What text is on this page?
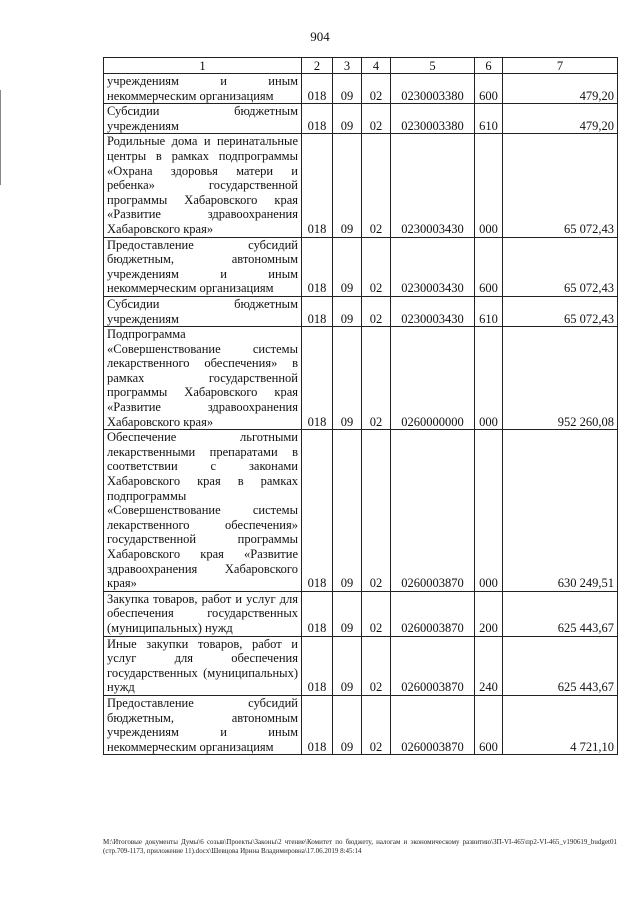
904
1	2	3	4	5	6	7
учреждениям и иным некоммерческим организациям	018	09	02	0230003380	600	479,20
Субсидии бюджетным учреждениям	018	09	02	0230003380	610	479,20
Родильные дома и перинатальные центры в рамках подпрограммы «Охрана здоровья матери и ребенка» государственной программы Хабаровского края «Развитие здравоохранения Хабаровского края»	018	09	02	0230003430	000	65 072,43
Предоставление субсидий бюджетным, автономным учреждениям и иным некоммерческим организациям	018	09	02	0230003430	600	65 072,43
Субсидии бюджетным учреждениям	018	09	02	0230003430	610	65 072,43
Подпрограмма «Совершенствование системы лекарственного обеспечения» в рамках государственной программы Хабаровского края «Развитие здравоохранения Хабаровского края»	018	09	02	0260000000	000	952 260,08
Обеспечение льготными лекарственными препаратами в соответствии с законами Хабаровского края в рамках подпрограммы «Совершенствование системы лекарственного обеспечения» государственной программы Хабаровского края «Развитие здравоохранения Хабаровского края»	018	09	02	0260003870	000	630 249,51
Закупка товаров, работ и услуг для обеспечения государственных (муниципальных) нужд	018	09	02	0260003870	200	625 443,67
Иные закупки товаров, работ и услуг для обеспечения государственных (муниципальных) нужд	018	09	02	0260003870	240	625 443,67
Предоставление субсидий бюджетным, автономным учреждениям и иным некоммерческим организациям	018	09	02	0260003870	600	4 721,10
M:\Итоговые документы Думы\6 созыв\Проекты\Законы\2 чтение\Комитет по бюджету, налогам и экономическому развитию\ЗП-VI-465\пр2-VI-465_v190619_budget01 (стр.709-1173, приложение 11).docx\Шевцова Ирина Владимировна\17.06.2019 8:45:14
